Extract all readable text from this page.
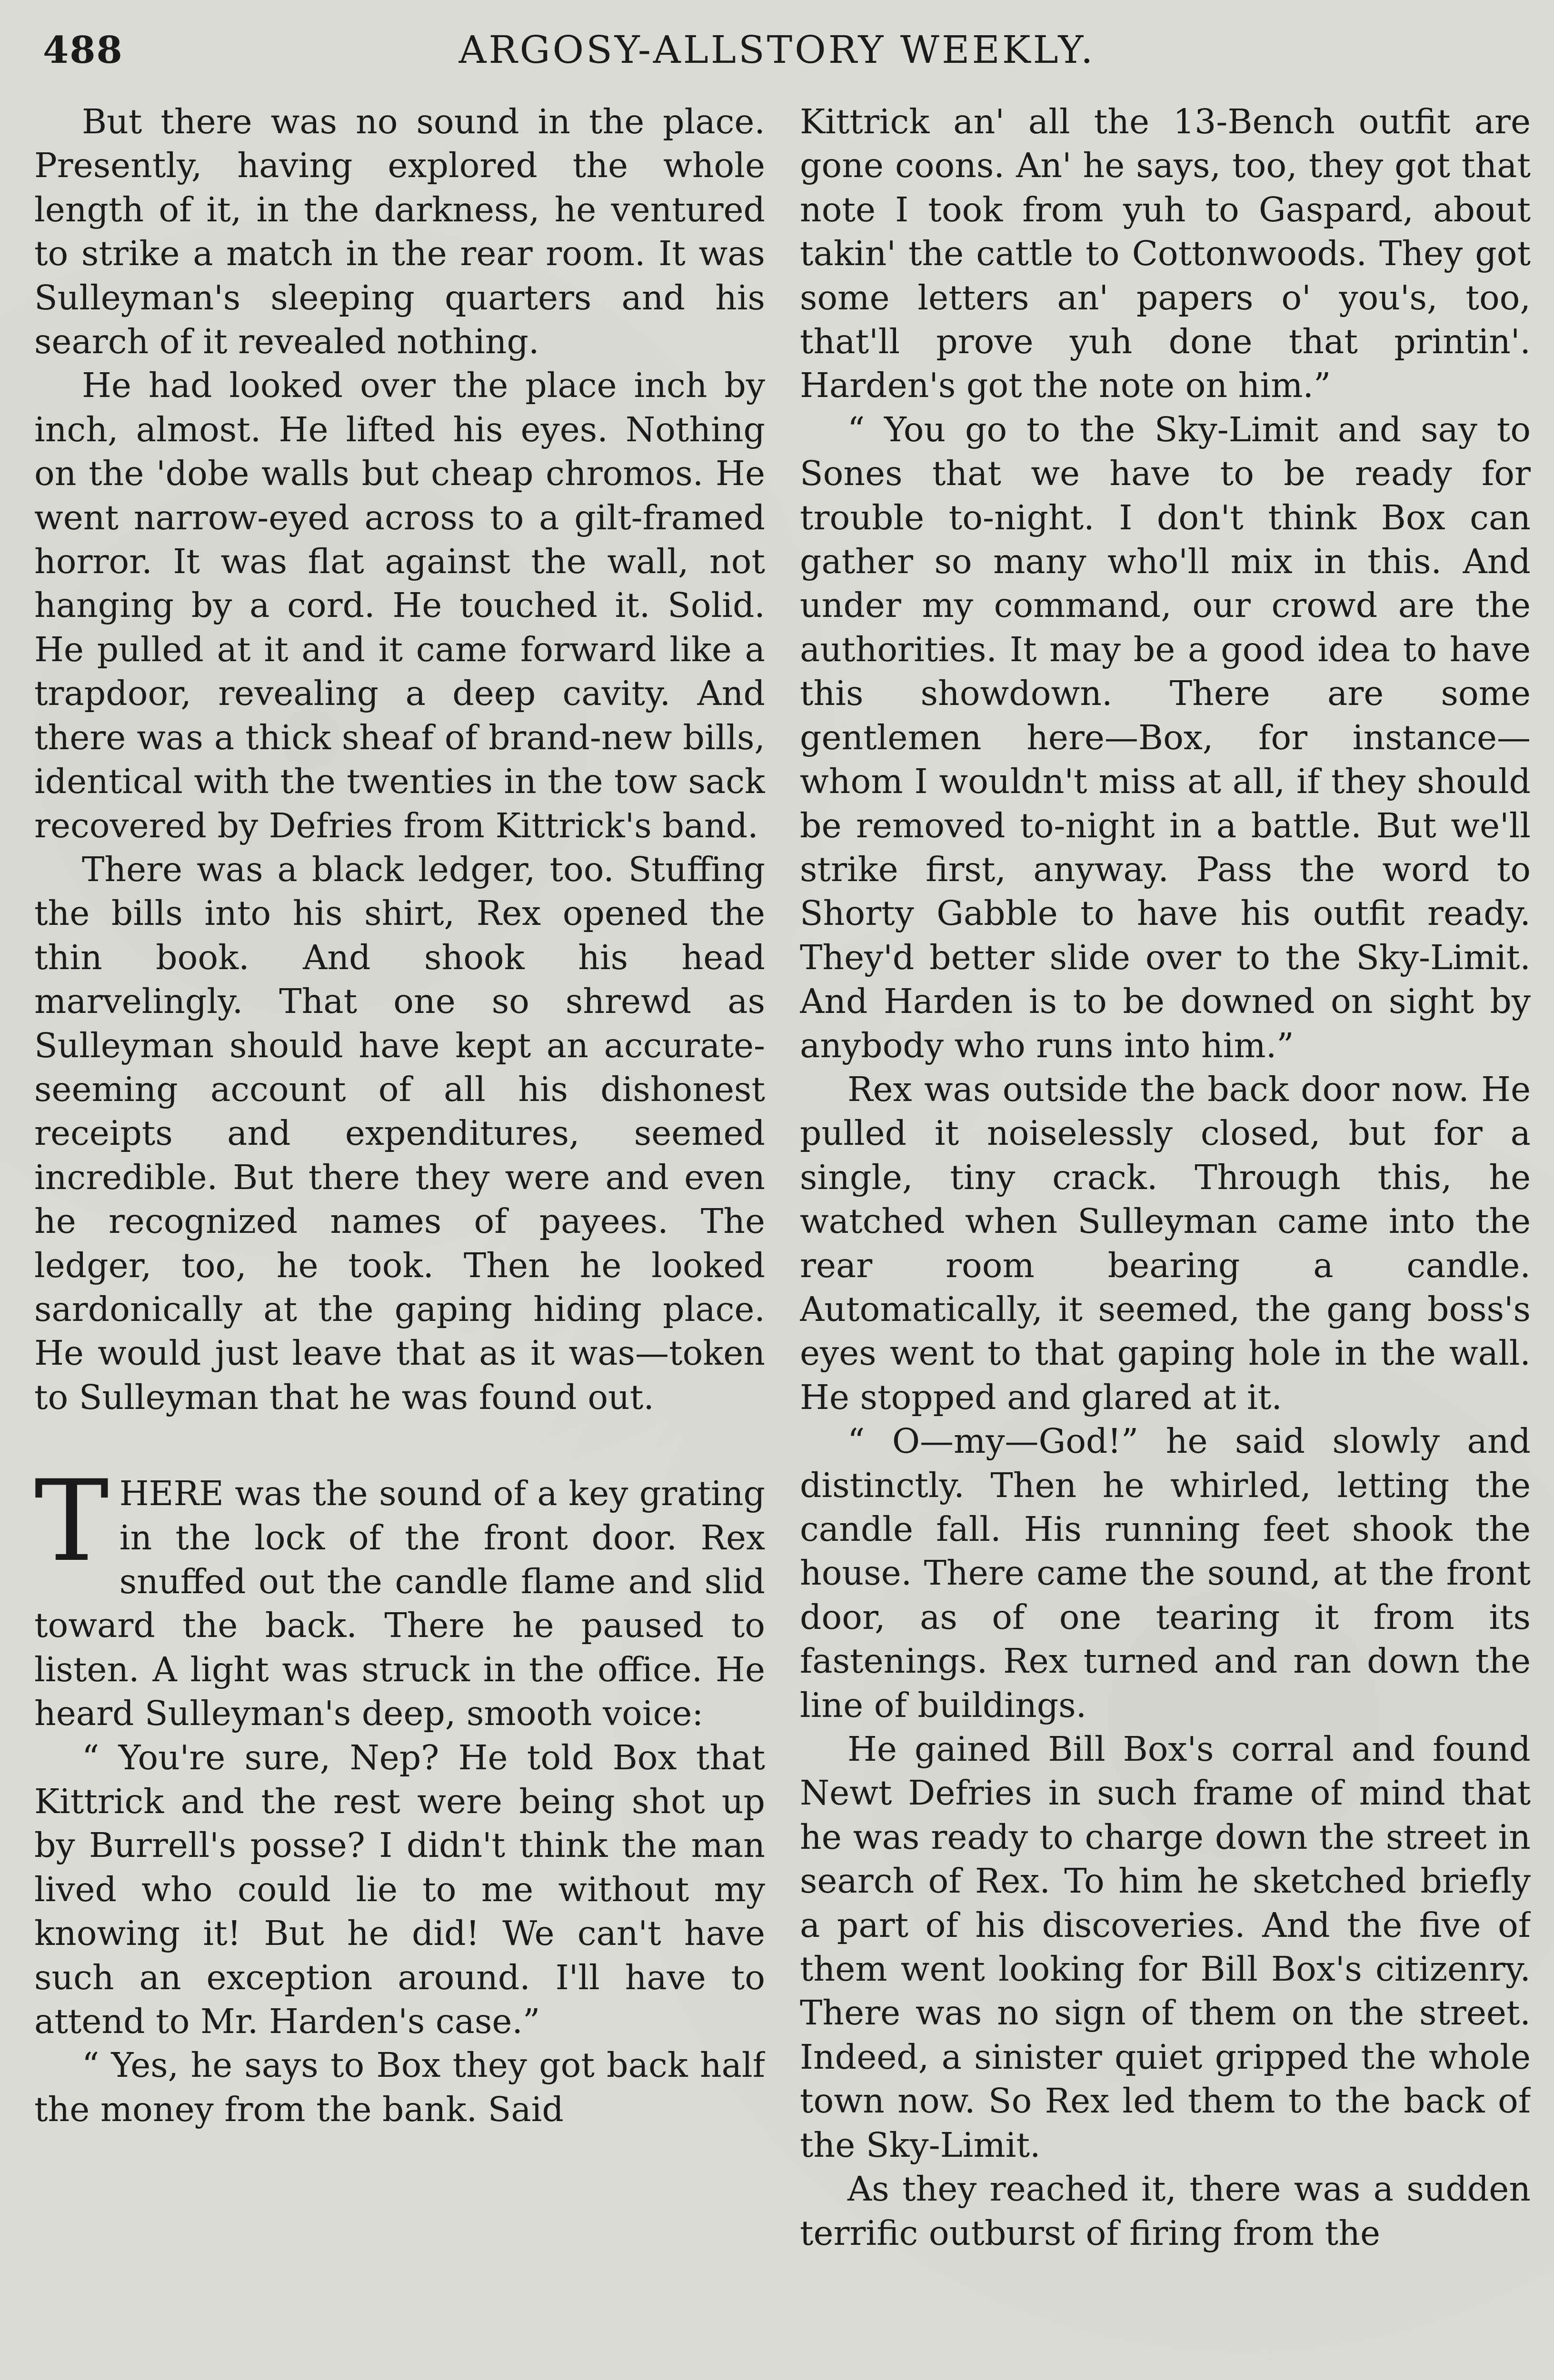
488	ARGOSY-ALLSTORY WEEKLY.

But there was no sound in the place. Presently, having explored the whole length of it, in the darkness, he ventured to strike a match in the rear room. It was Sulleyman's sleeping quarters and his search of it revealed nothing.

He had looked over the place inch by inch, almost. He lifted his eyes. Nothing on the 'dobe walls but cheap chromos. He went narrow-eyed across to a gilt-framed horror. It was flat against the wall, not hanging by a cord. He touched it. Solid. He pulled at it and it came forward like a trapdoor, revealing a deep cavity. And there was a thick sheaf of brand-new bills, identical with the twenties in the tow sack recovered by Defries from Kittrick's band.

There was a black ledger, too. Stuffing the bills into his shirt, Rex opened the thin book. And shook his head marvelingly. That one so shrewd as Sulleyman should have kept an accurate-seeming account of all his dishonest receipts and expenditures, seemed incredible. But there they were and even he recognized names of payees. The ledger, too, he took. Then he looked sardonically at the gaping hiding place. He would just leave that as it was—token to Sulleyman that he was found out.

THERE was the sound of a key grating in the lock of the front door. Rex snuffed out the candle flame and slid toward the back. There he paused to listen. A light was struck in the office. He heard Sulleyman's deep, smooth voice:

“ You're sure, Nep? He told Box that Kittrick and the rest were being shot up by Burrell's posse? I didn't think the man lived who could lie to me without my knowing it! But he did! We can't have such an exception around. I'll have to attend to Mr. Harden's case.”

“ Yes, he says to Box they got back half the money from the bank. Said

Kittrick an' all the 13-Bench outfit are gone coons. An' he says, too, they got that note I took from yuh to Gaspard, about takin' the cattle to Cottonwoods. They got some letters an' papers o' you's, too, that'll prove yuh done that printin'. Harden's got the note on him.”

“ You go to the Sky-Limit and say to Sones that we have to be ready for trouble to-night. I don't think Box can gather so many who'll mix in this. And under my command, our crowd are the authorities. It may be a good idea to have this showdown. There are some gentlemen here—Box, for instance—whom I wouldn't miss at all, if they should be removed to-night in a battle. But we'll strike first, anyway. Pass the word to Shorty Gabble to have his outfit ready. They'd better slide over to the Sky-Limit. And Harden is to be downed on sight by anybody who runs into him.”

Rex was outside the back door now. He pulled it noiselessly closed, but for a single, tiny crack. Through this, he watched when Sulleyman came into the rear room bearing a candle. Automatically, it seemed, the gang boss's eyes went to that gaping hole in the wall. He stopped and glared at it.

“ O—my—God!” he said slowly and distinctly. Then he whirled, letting the candle fall. His running feet shook the house. There came the sound, at the front door, as of one tearing it from its fastenings. Rex turned and ran down the line of buildings.

He gained Bill Box's corral and found Newt Defries in such frame of mind that he was ready to charge down the street in search of Rex. To him he sketched briefly a part of his discoveries. And the five of them went looking for Bill Box's citizenry. There was no sign of them on the street. Indeed, a sinister quiet gripped the whole town now. So Rex led them to the back of the Sky-Limit.

As they reached it, there was a sudden terrific outburst of firing from the
